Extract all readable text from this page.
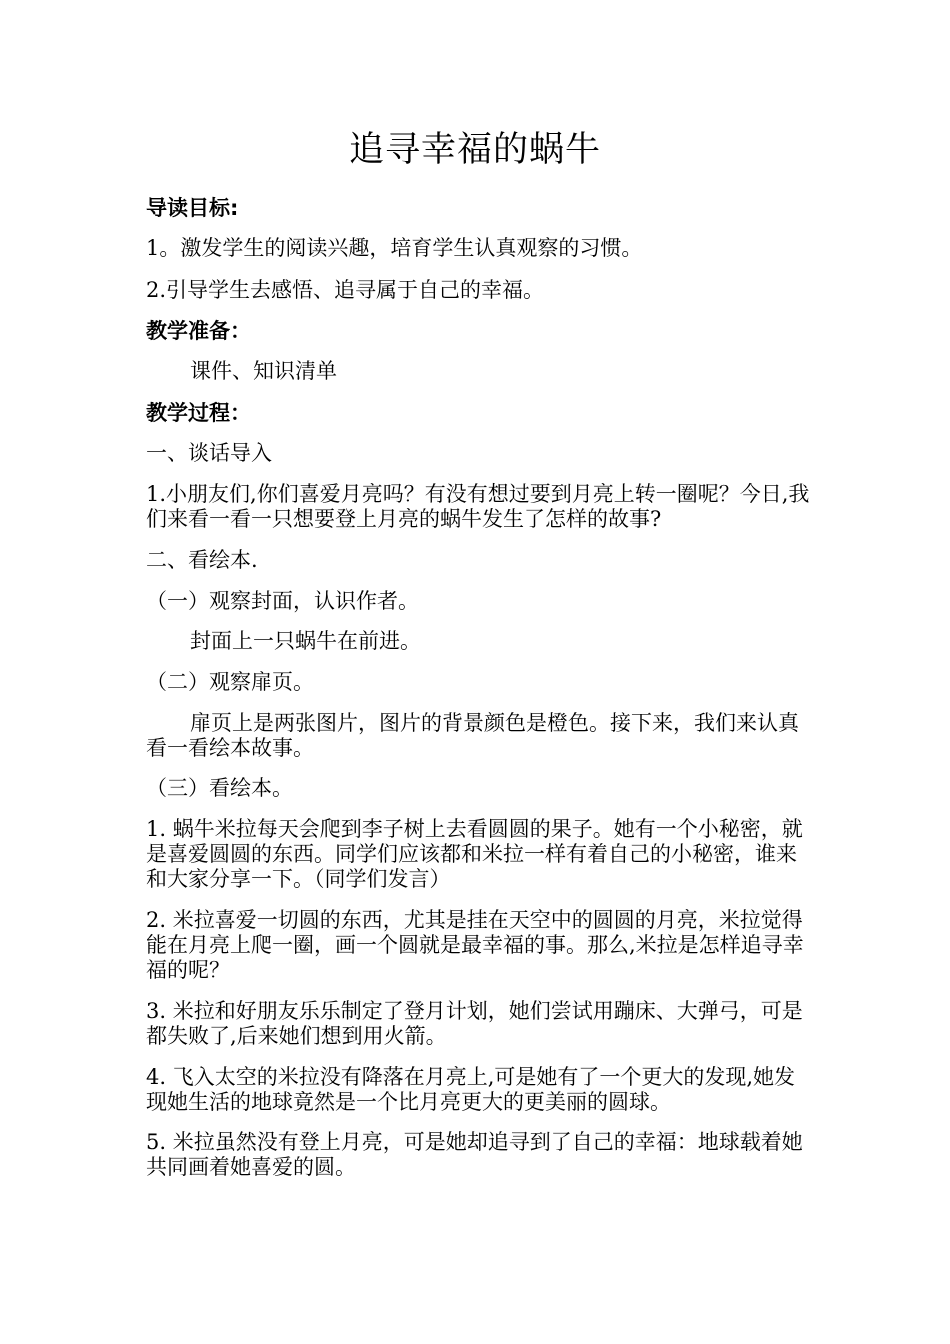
追寻幸福的蜗牛

导读目标:

1。激发学生的阅读兴趣，培育学生认真观察的习惯。

2.引导学生去感悟、追寻属于自己的幸福。

教学准备：

课件、知识清单

教学过程：

一、谈话导入

1.小朋友们,你们喜爱月亮吗？有没有想过要到月亮上转一圈呢？今日,我们来看一看一只想要登上月亮的蜗牛发生了怎样的故事?

二、看绘本.

（一）观察封面，认识作者。

封面上一只蜗牛在前进。

（二）观察扉页。

扉页上是两张图片，图片的背景颜色是橙色。接下来，我们来认真看一看绘本故事。

（三）看绘本。

1. 蜗牛米拉每天会爬到李子树上去看圆圆的果子。她有一个小秘密，就是喜爱圆圆的东西。同学们应该都和米拉一样有着自己的小秘密，谁来和大家分享一下。（同学们发言）

2. 米拉喜爱一切圆的东西，尤其是挂在天空中的圆圆的月亮，米拉觉得能在月亮上爬一圈，画一个圆就是最幸福的事。那么,米拉是怎样追寻幸福的呢？

3. 米拉和好朋友乐乐制定了登月计划，她们尝试用蹦床、大弹弓，可是都失败了,后来她们想到用火箭。

4. 飞入太空的米拉没有降落在月亮上,可是她有了一个更大的发现,她发现她生活的地球竟然是一个比月亮更大的更美丽的圆球。

5. 米拉虽然没有登上月亮，可是她却追寻到了自己的幸福：地球载着她共同画着她喜爱的圆。
